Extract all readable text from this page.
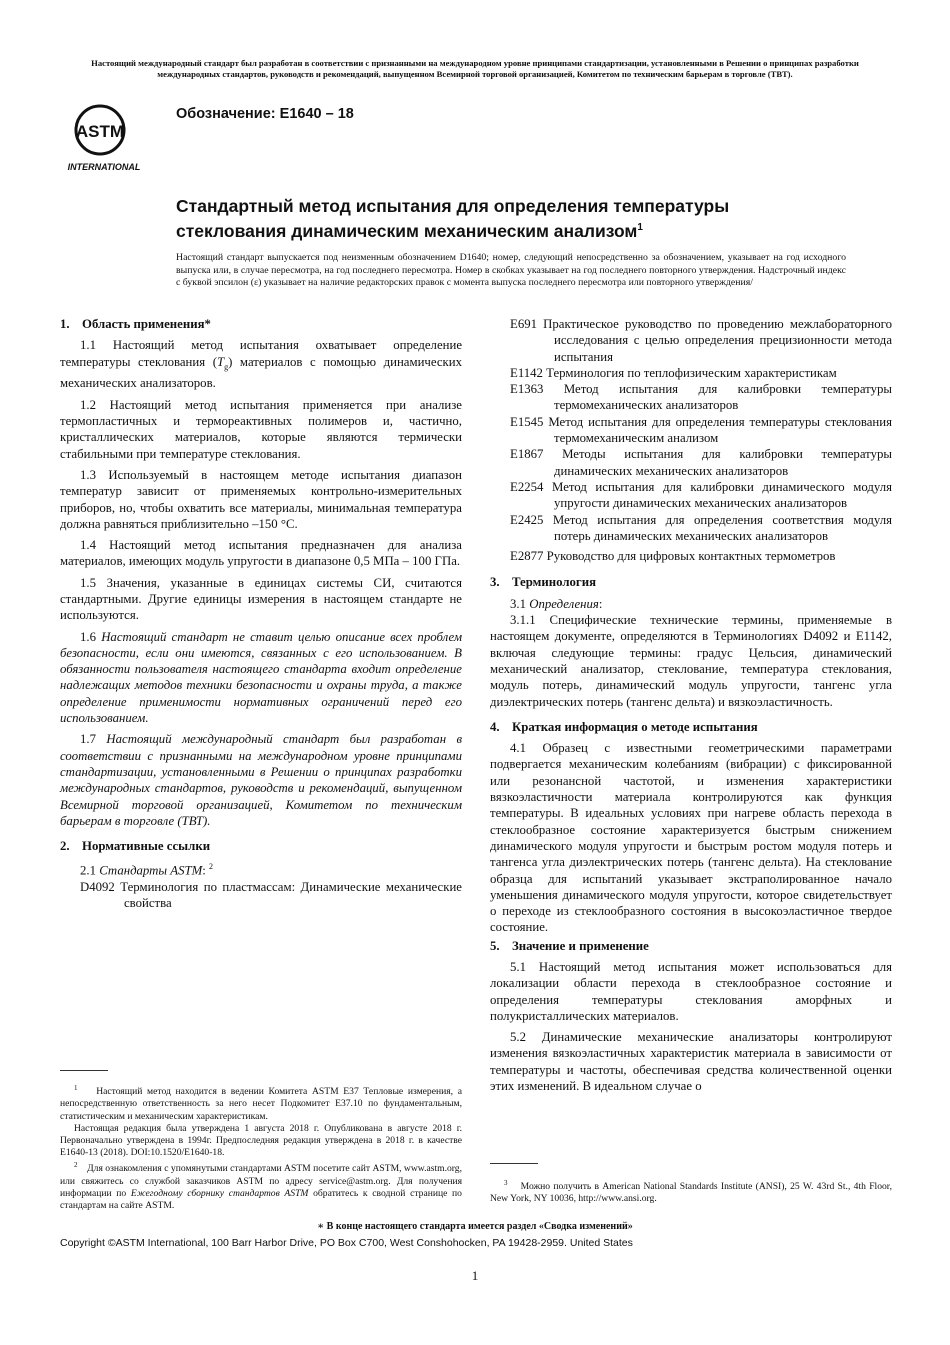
Настоящий международный стандарт был разработан в соответствии с признанными на международном уровне принципами стандартизации, установленными в Решении о принципах разработки международных стандартов, руководств и рекомендаций, выпущенном Всемирной торговой организацией, Комитетом по техническим барьерам в торговле (ТВТ).
ASTM
INTERNATIONAL
Обозначение: E1640 – 18
Стандартный метод испытания для определения температуры
стеклования динамическим механическим анализом$^1$
Настоящий стандарт выпускается под неизменным обозначением D1640; номер, следующий непосредственно за обозначением, указывает на год исходного выпуска или, в случае пересмотра, на год последнего пересмотра. Номер в скобках указывает на год последнего повторного утверждения. Надстрочный индекс с буквой эпсилон (ε) указывает на наличие редакторских правок с момента выпуска последнего пересмотра или повторного утверждения/

1. Область применения*

1.1 Настоящий метод испытания охватывает определение температуры стеклования $(T_g)$ материалов с помощью динамических механических анализаторов.

1.2 Настоящий метод испытания применяется при анализе термопластичных и термореактивных полимеров и, частично, кристаллических материалов, которые являются термически стабильными при температуре стеклования.

1.3 Используемый в настоящем методе испытания диапазон температур зависит от применяемых контрольно-измерительных приборов, но, чтобы охватить все материалы, минимальная температура должна равняться приблизительно –150 °C.

1.4 Настоящий метод испытания предназначен для анализа материалов, имеющих модуль упругости в диапазоне 0,5 МПа – 100 ГПа.

1.5 Значения, указанные в единицах системы СИ, считаются стандартными. Другие единицы измерения в настоящем стандарте не используются.

1.6 Настоящий стандарт не ставит целью описание всех проблем безопасности, если они имеются, связанных с его использованием. В обязанности пользователя настоящего стандарта входит определение надлежащих методов техники безопасности и охраны труда, а также определение применимости нормативных ограничений перед его использованием.

1.7 Настоящий международный стандарт был разработан в соответствии с признанными на международном уровне принципами стандартизации, установленными в Решении о принципах разработки международных стандартов, руководств и рекомендаций, выпущенном Всемирной торговой организацией, Комитетом по техническим барьерам в торговле (ТВТ).

2. Нормативные ссылки

2.1 Стандарты ASTM: $^2$

D4092 Терминология по пластмассам: Динамические механические свойства

$^1$ Настоящий метод находится в ведении Комитета ASTM E37 Тепловые измерения, а непосредственную ответственность за него несет Подкомитет E37.10 по фундаментальным, статистическим и механическим характеристикам.

Настоящая редакция была утверждена 1 августа 2018 г. Опубликована в августе 2018 г. Первоначально утверждена в 1994г. Предпоследняя редакция утверждена в 2018 г. в качестве E1640-13 (2018). DOI:10.1520/E1640-18.

$^2$ Для ознакомления с упомянутыми стандартами ASTM посетите сайт ASTM, www.astm.org, или свяжитесь со службой заказчиков ASTM по адресу service@astm.org. Для получения информации по Ежегодному сборнику стандартов ASTM обратитесь к сводной странице по стандартам на сайте ASTM.

E691 Практическое руководство по проведению межлабораторного исследования с целью определения прецизионности метода испытания

E1142 Терминология по теплофизическим характеристикам

E1363 Метод испытания для калибровки температуры термомеханических анализаторов

E1545 Метод испытания для определения температуры стеклования термомеханическим анализом

E1867 Методы испытания для калибровки температуры динамических механических анализаторов

E2254 Метод испытания для калибровки динамического модуля упругости динамических механических анализаторов

E2425 Метод испытания для определения соответствия модуля потерь динамических механических анализаторов

E2877 Руководство для цифровых контактных термометров

3. Терминология

3.1 Определения:

3.1.1 Специфические технические термины, применяемые в настоящем документе, определяются в Терминологиях D4092 и E1142, включая следующие термины: градус Цельсия, динамический механический анализатор, стеклование, температура стеклования, модуль потерь, динамический модуль упругости, тангенс угла диэлектрических потерь (тангенс дельта) и вязкоэластичность.

4. Краткая информация о методе испытания

4.1 Образец с известными геометрическими параметрами подвергается механическим колебаниям (вибрации) с фиксированной или резонансной частотой, и изменения характеристики вязкоэластичности материала контролируются как функция температуры. В идеальных условиях при нагреве область перехода в стеклообразное состояние характеризуется быстрым снижением динамического модуля упругости и быстрым ростом модуля потерь и тангенса угла диэлектрических потерь (тангенс дельта). На стеклование образца для испытаний указывает экстраполированное начало уменьшения динамического модуля упругости, которое свидетельствует о переходе из стеклообразного состояния в высокоэластичное твердое состояние.

5. Значение и применение

5.1 Настоящий метод испытания может использоваться для локализации области перехода в стеклообразное состояние и определения температуры стеклования аморфных и полукристаллических материалов.

5.2 Динамические механические анализаторы контролируют изменения вязкоэластичных характеристик материала в зависимости от температуры и частоты, обеспечивая средства количественной оценки этих изменений. В идеальном случае о

$^3$ Можно получить в American National Standards Institute (ANSI), 25 W. 43rd St., 4th Floor, New York, NY 10036, http://www.ansi.org.

∗ В конце настоящего стандарта имеется раздел «Сводка изменений»
Copyright ©ASTM International, 100 Barr Harbor Drive, PO Box C700, West Conshohocken, PA 19428-2959. United States
1
